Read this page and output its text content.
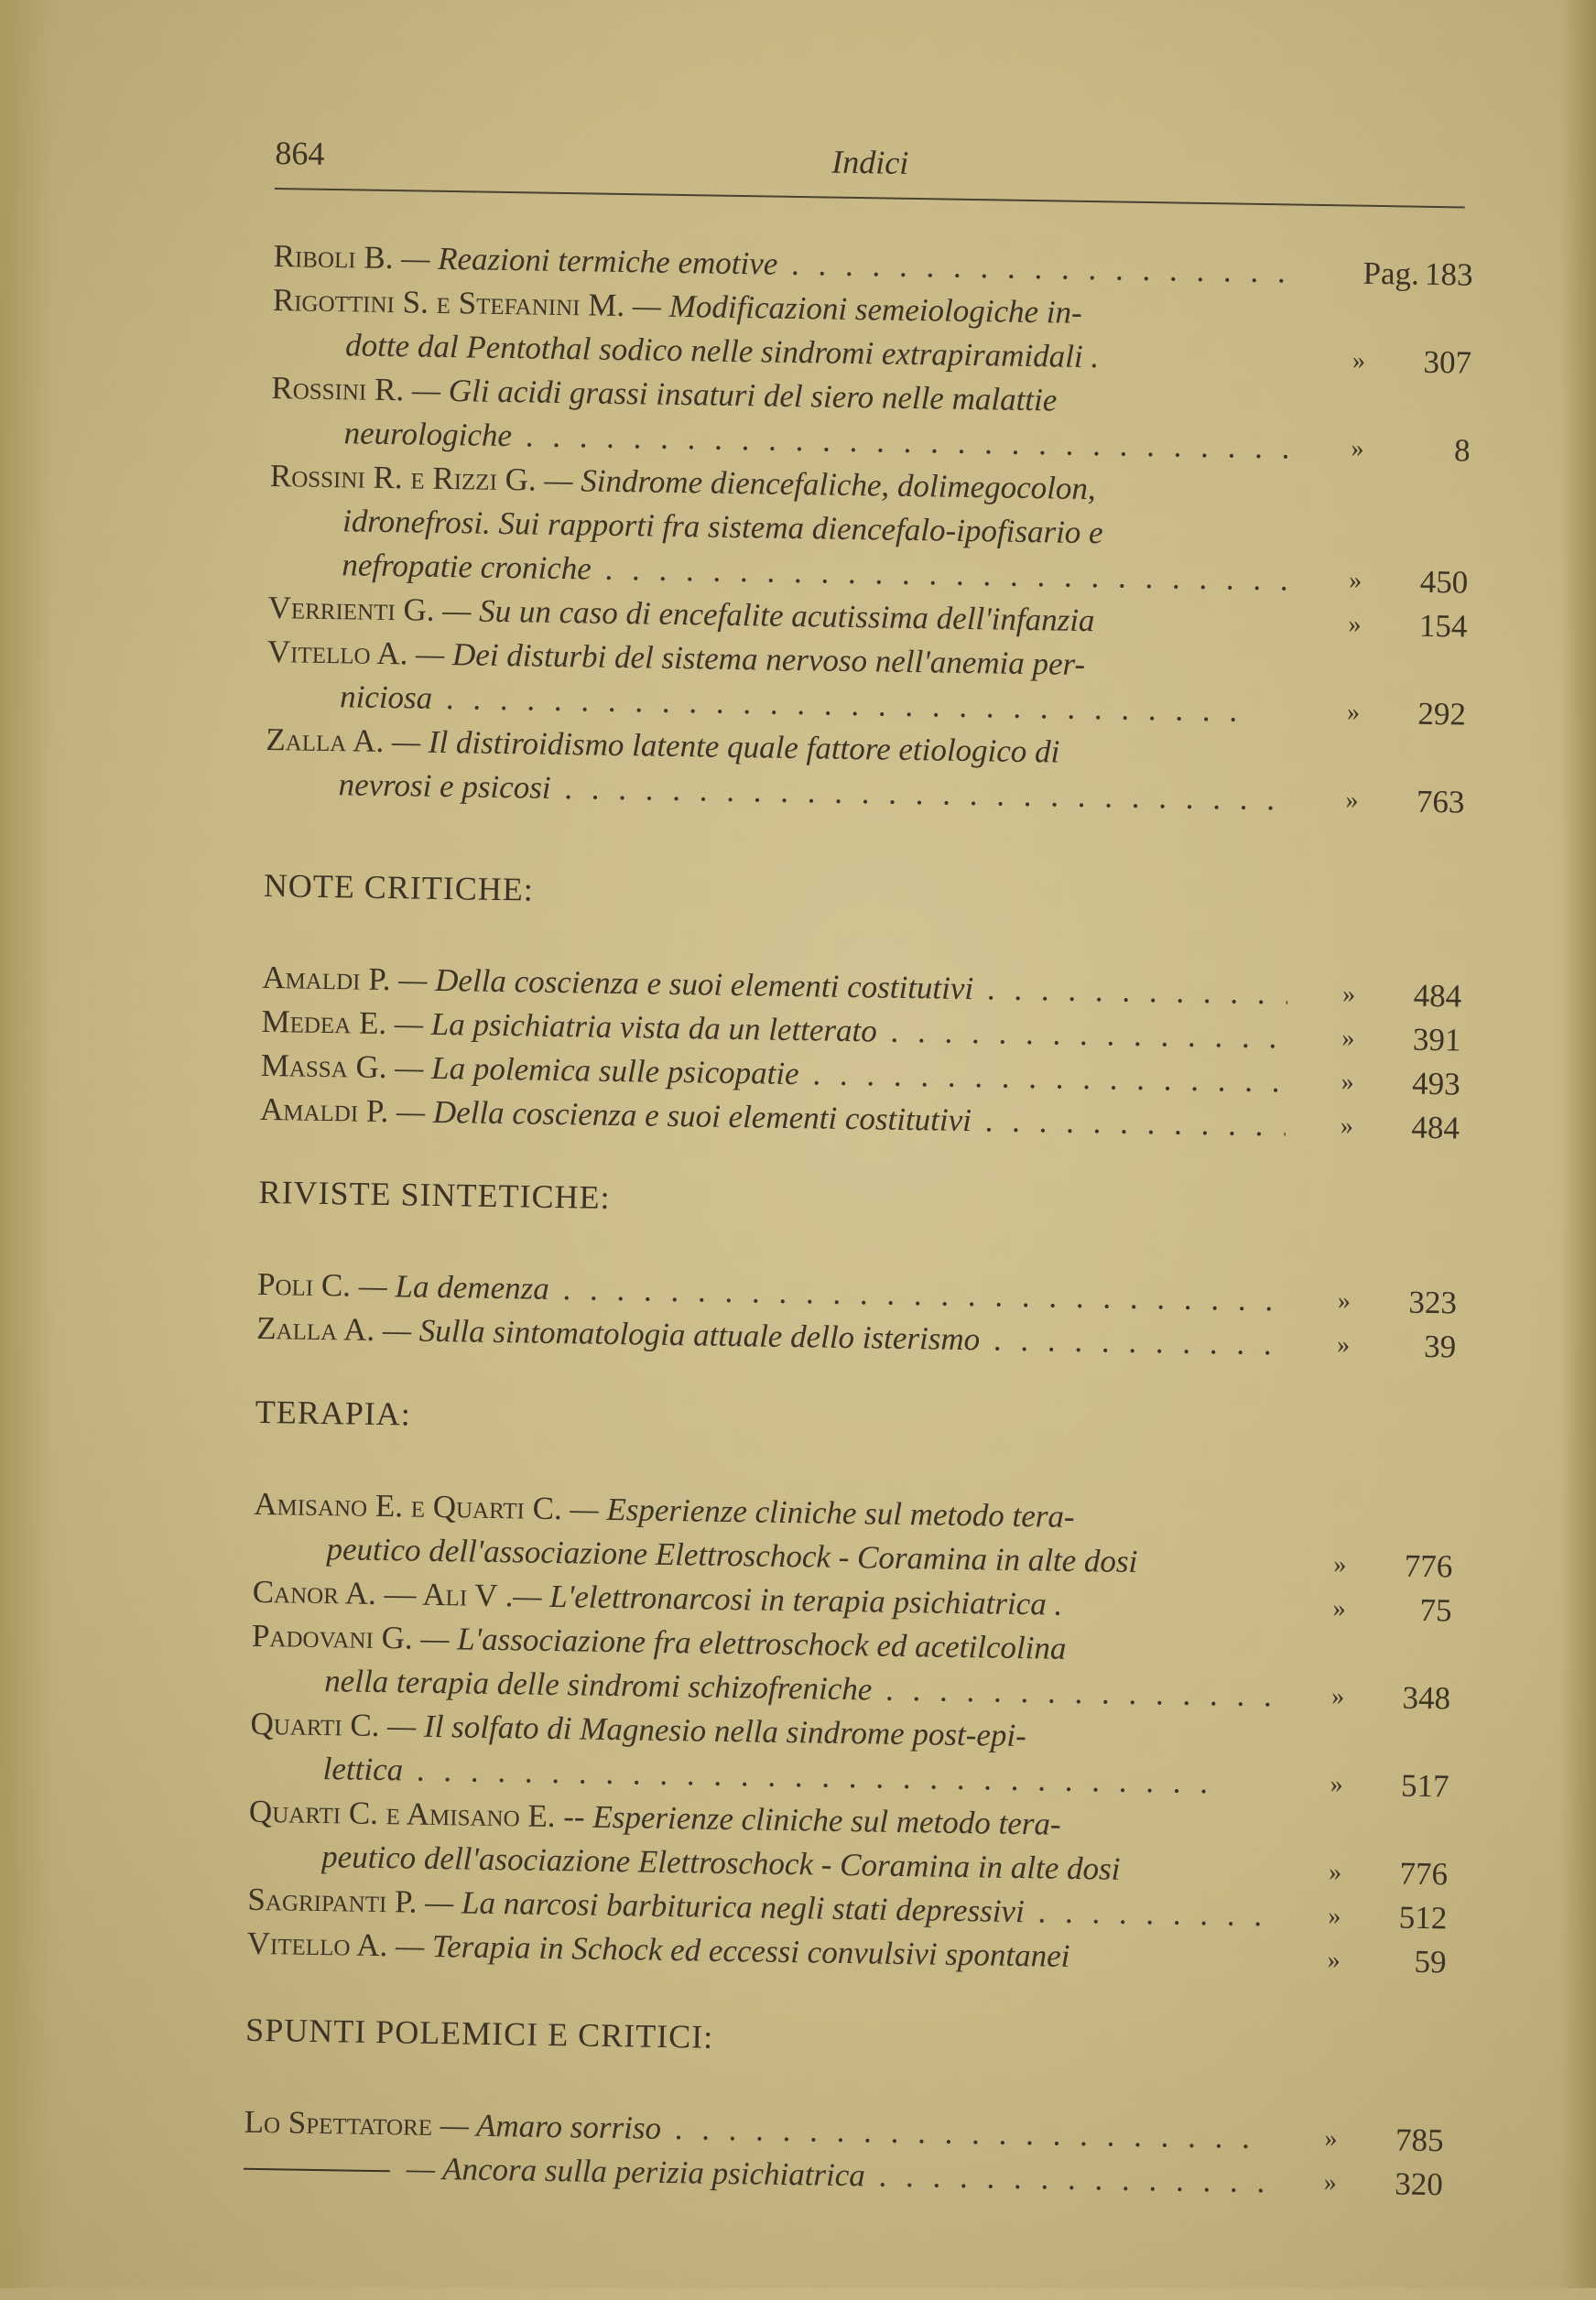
864	Indici
Riboli B. — Reazioni termiche emotive . .	Pag. 183
Rigottini S. e Stefanini M. — Modificazioni semeiologiche in-
dotte dal Pentothal sodico nelle sindromi extrapiramidali .	»	307
Rossini R. — Gli acidi grassi insaturi del siero nelle malattie
neurologiche . .	»	8
Rossini R. e Rizzi G. — Sindrome diencefaliche, dolimegocolon,
idronefrosi. Sui rapporti fra sistema diencefalo-ipofisario e
nefropatie croniche . .	»	450
Verrienti G. — Su un caso di encefalite acutissima dell'infanzia	»	154
Vitello A. — Dei disturbi del sistema nervoso nell'anemia per-
niciosa . .	»	292
Zalla A. — Il distiroidismo latente quale fattore etiologico di
nevrosi e psicosi . .	»	763
NOTE CRITICHE:
Amaldi P. — Della coscienza e suoi elementi costitutivi . .	»	484
Medea E. — La psichiatria vista da un letterato . .	»	391
Massa G. — La polemica sulle psicopatie . .	»	493
Amaldi P. — Della coscienza e suoi elementi costitutivi . .	»	484
RIVISTE SINTETICHE:
Poli C. — La demenza . .	»	323
Zalla A. — Sulla sintomatologia attuale dello isterismo . .	»	39
TERAPIA:
Amisano E. e Quarti C. — Esperienze cliniche sul metodo tera-
peutico dell'associazione Elettroschock - Coramina in alte dosi	»	776
Canor A. — Ali V .— L'elettronarcosi in terapia psichiatrica .	»	75
Padovani G. — L'associazione fra elettroschock ed acetilcolina
nella terapia delle sindromi schizofreniche . .	»	348
Quarti C. — Il solfato di Magnesio nella sindrome post-epi-
lettica . .	»	517
Quarti C. e Amisano E. -- Esperienze cliniche sul metodo tera-
peutico dell'asociazione Elettroschock - Coramina in alte dosi	»	776
Sagripanti P. — La narcosi barbiturica negli stati depressivi . .	»	512
Vitello A. — Terapia in Schock ed eccessi convulsivi spontanei	»	59
SPUNTI POLEMICI E CRITICI:
Lo Spettatore — Amaro sorriso . .	»	785
— Ancora sulla perizia psichiatrica . .	»	320
